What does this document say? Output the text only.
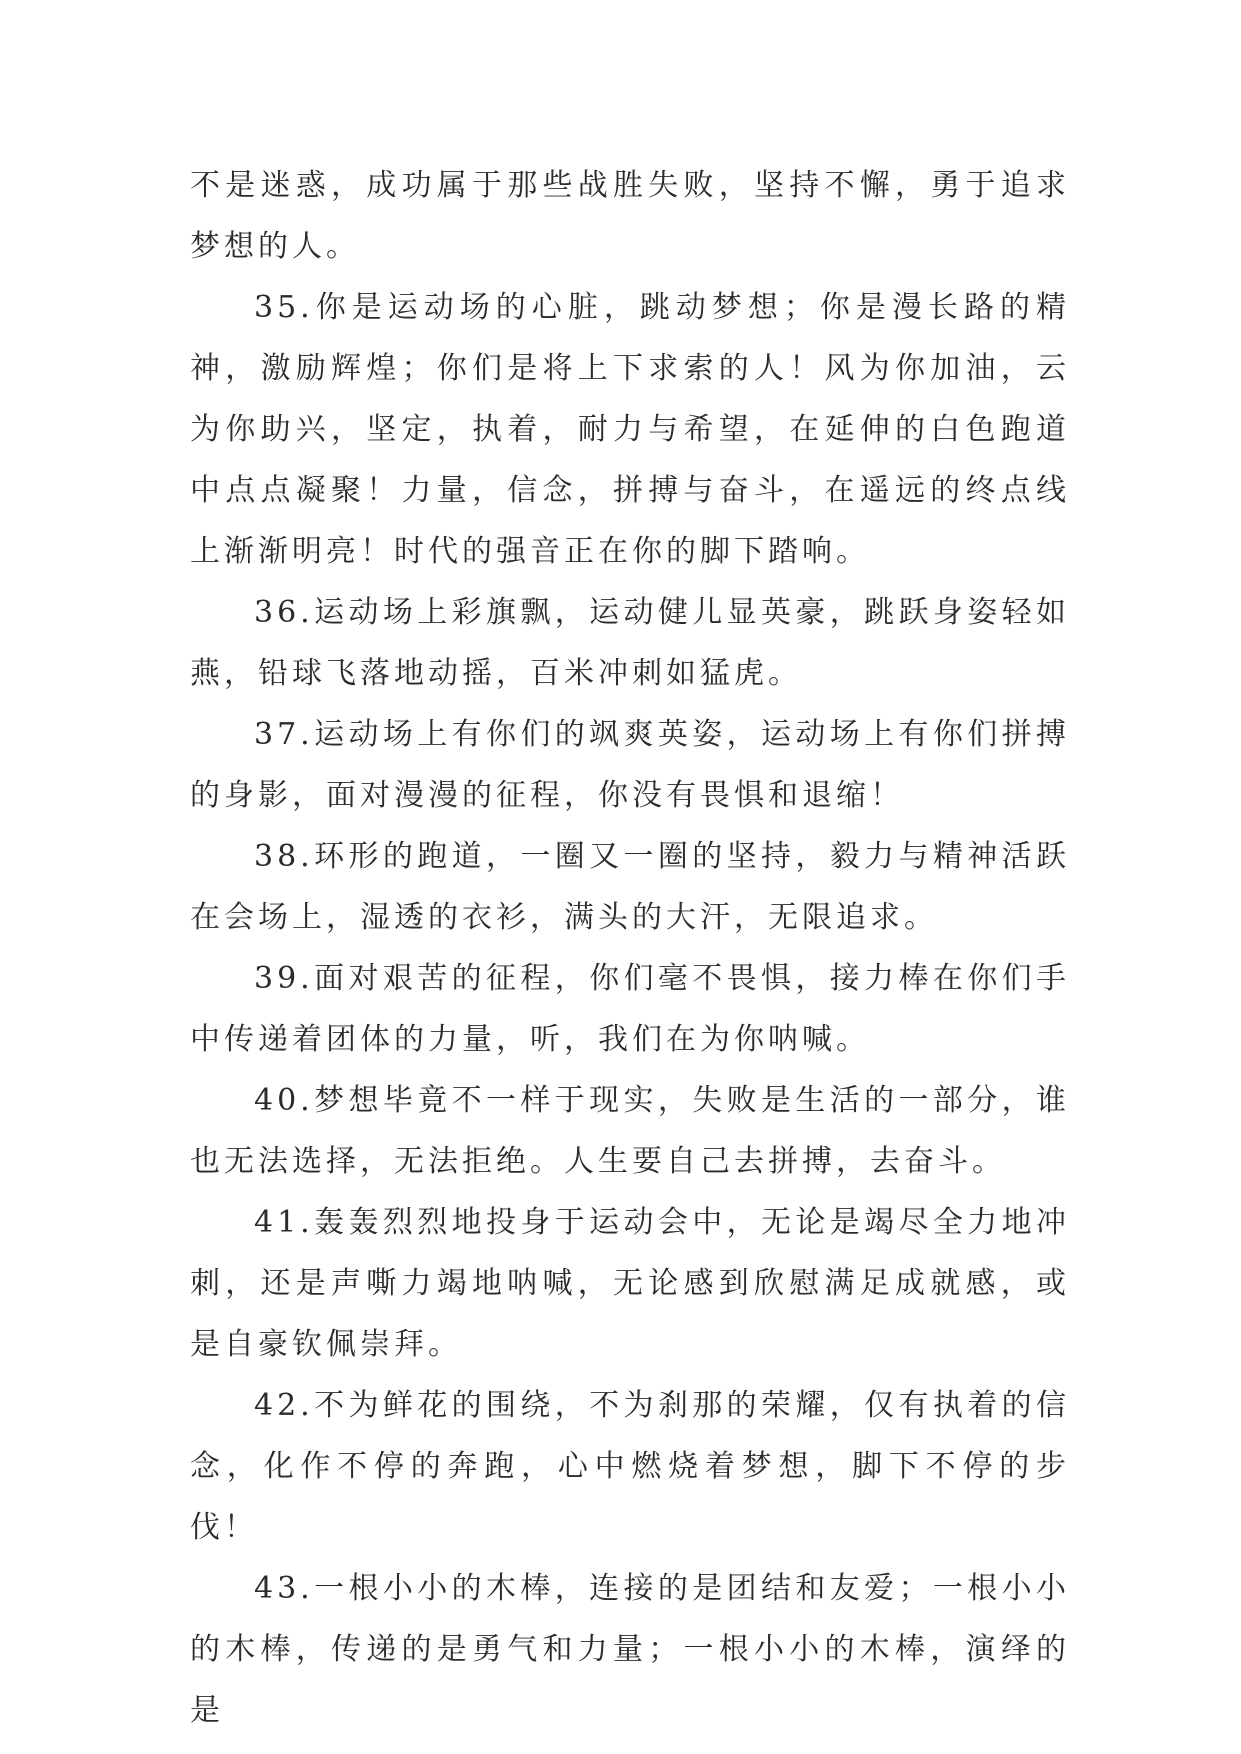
不是迷惑，成功属于那些战胜失败，坚持不懈，勇于追求梦想的人。

35.你是运动场的心脏，跳动梦想；你是漫长路的精神，激励辉煌；你们是将上下求索的人！风为你加油，云为你助兴，坚定，执着，耐力与希望，在延伸的白色跑道中点点凝聚！力量，信念，拼搏与奋斗，在遥远的终点线上渐渐明亮！时代的强音正在你的脚下踏响。

36.运动场上彩旗飘，运动健儿显英豪，跳跃身姿轻如燕，铅球飞落地动摇，百米冲刺如猛虎。

37.运动场上有你们的飒爽英姿，运动场上有你们拼搏的身影，面对漫漫的征程，你没有畏惧和退缩！

38.环形的跑道，一圈又一圈的坚持，毅力与精神活跃在会场上，湿透的衣衫，满头的大汗，无限追求。

39.面对艰苦的征程，你们毫不畏惧，接力棒在你们手中传递着团体的力量，听，我们在为你呐喊。

40.梦想毕竟不一样于现实，失败是生活的一部分，谁也无法选择，无法拒绝。人生要自己去拼搏，去奋斗。

41.轰轰烈烈地投身于运动会中，无论是竭尽全力地冲刺，还是声嘶力竭地呐喊，无论感到欣慰满足成就感，或是自豪钦佩崇拜。

42.不为鲜花的围绕，不为刹那的荣耀，仅有执着的信念，化作不停的奔跑，心中燃烧着梦想，脚下不停的步伐！

43.一根小小的木棒，连接的是团结和友爱；一根小小的木棒，传递的是勇气和力量；一根小小的木棒，演绎的是
